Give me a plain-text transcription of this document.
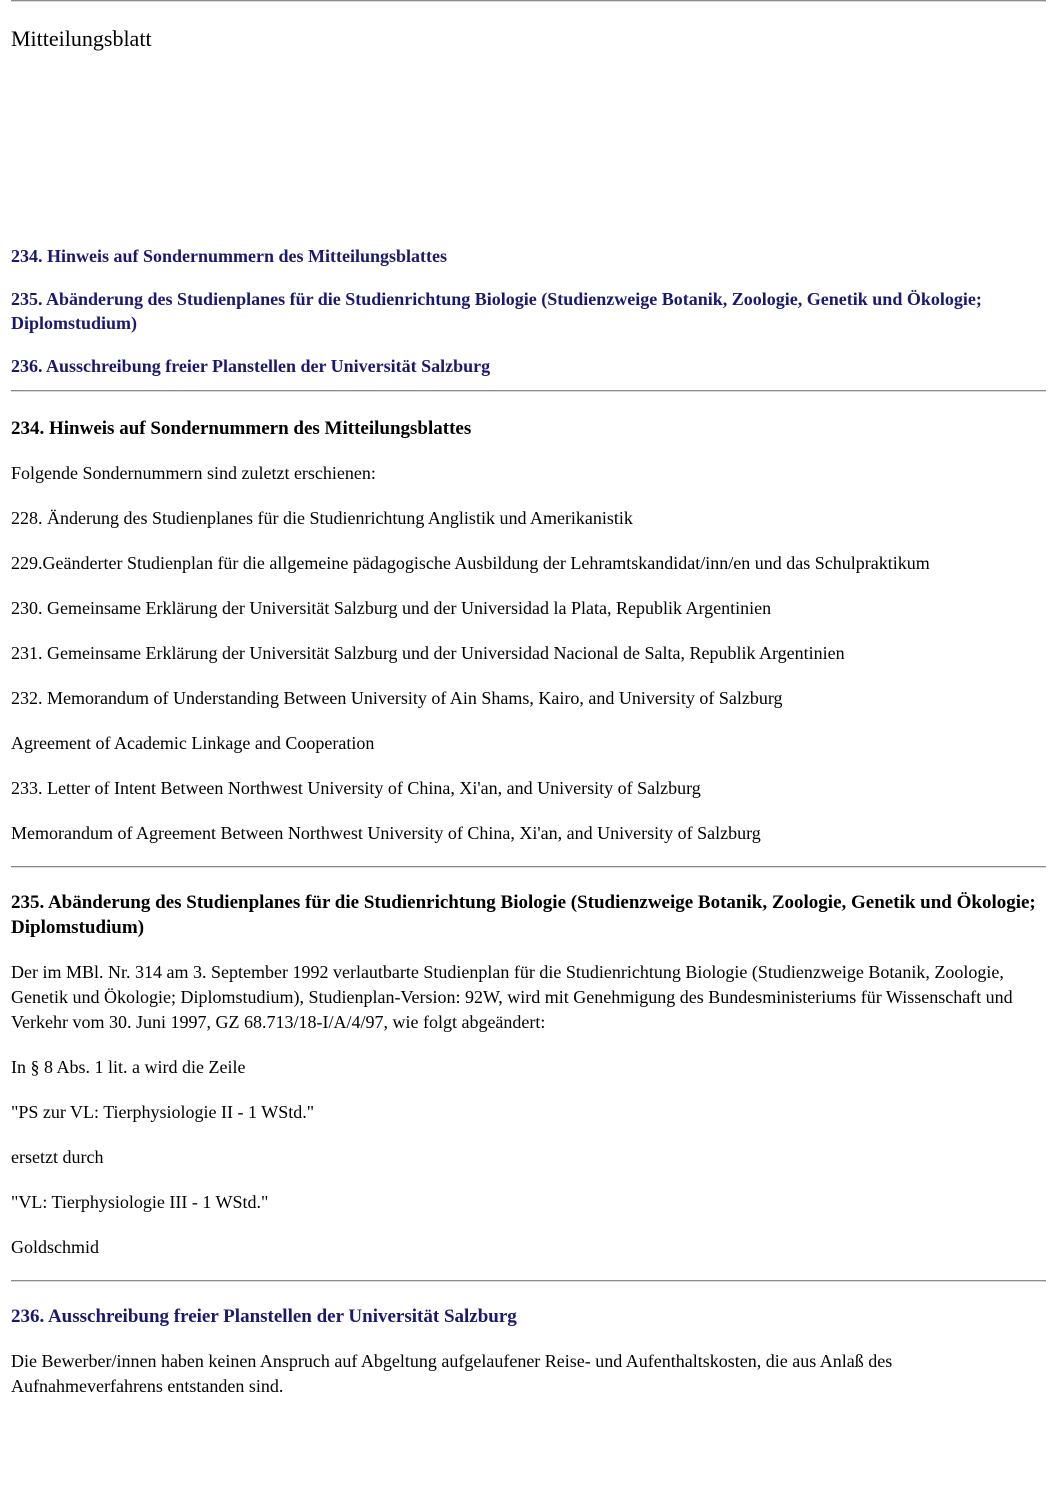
Mitteilungsblatt

234. Hinweis auf Sondernummern des Mitteilungsblattes
235. Abänderung des Studienplanes für die Studienrichtung Biologie (Studienzweige Botanik, Zoologie, Genetik und Ökologie; Diplomstudium)
236. Ausschreibung freier Planstellen der Universität Salzburg
234. Hinweis auf Sondernummern des Mitteilungsblattes

Folgende Sondernummern sind zuletzt erschienen:

228. Änderung des Studienplanes für die Studienrichtung Anglistik und Amerikanistik

229.Geänderter Studienplan für die allgemeine pädagogische Ausbildung der Lehramtskandidat/inn/en und das Schulpraktikum

230. Gemeinsame Erklärung der Universität Salzburg und der Universidad la Plata, Republik Argentinien

231. Gemeinsame Erklärung der Universität Salzburg und der Universidad Nacional de Salta, Republik Argentinien

232. Memorandum of Understanding Between University of Ain Shams, Kairo, and University of Salzburg

Agreement of Academic Linkage and Cooperation

233. Letter of Intent Between Northwest University of China, Xi'an, and University of Salzburg

Memorandum of Agreement Between Northwest University of China, Xi'an, and University of Salzburg

235. Abänderung des Studienplanes für die Studienrichtung Biologie (Studienzweige Botanik, Zoologie, Genetik und Ökologie; Diplomstudium)

Der im MBl. Nr. 314 am 3. September 1992 verlautbarte Studienplan für die Studienrichtung Biologie (Studienzweige Botanik, Zoologie, Genetik und Ökologie; Diplomstudium), Studienplan-Version: 92W, wird mit Genehmigung des Bundesministeriums für Wissenschaft und Verkehr vom 30. Juni 1997, GZ 68.713/18-I/A/4/97, wie folgt abgeändert:

In § 8 Abs. 1 lit. a wird die Zeile

"PS zur VL: Tierphysiologie II - 1 WStd."

ersetzt durch

"VL: Tierphysiologie III - 1 WStd."

Goldschmid

236. Ausschreibung freier Planstellen der Universität Salzburg

Die Bewerber/innen haben keinen Anspruch auf Abgeltung aufgelaufener Reise- und Aufenthaltskosten, die aus Anlaß des Aufnahmeverfahrens entstanden sind.
